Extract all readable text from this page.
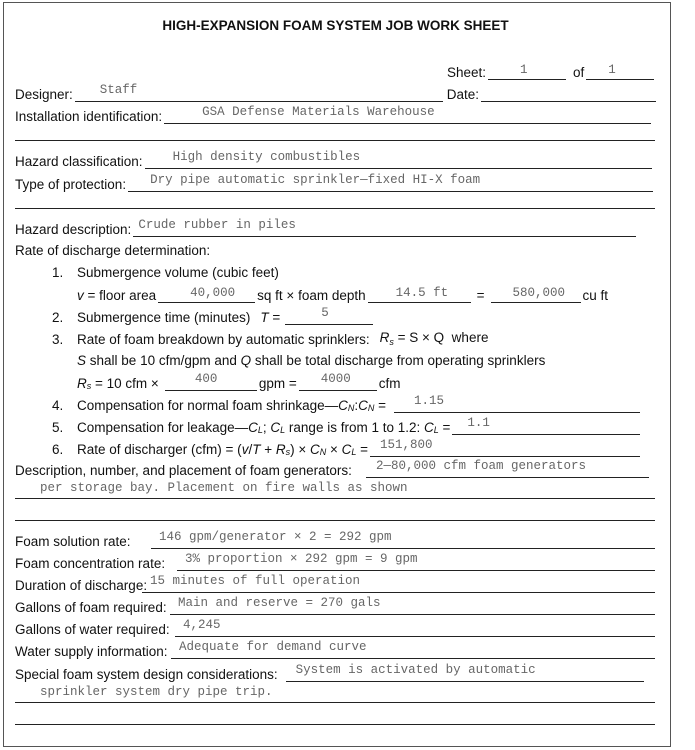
HIGH-EXPANSION FOAM SYSTEM JOB WORK SHEET
Sheet:	1	of 1
Designer: Staff	Date:
Installation identification:	GSA Defense Materials Warehouse
Hazard classification: High density combustibles
Type of protection: Dry pipe automatic sprinkler—fixed HI-X foam
Hazard description: Crude rubber in piles
Rate of discharge determination:
1.	Submergence volume (cubic feet)
v = floor area	40,000 sq ft × foam depth 14.5 ft = 580,000 cu ft
2.	Submergence time (minutes) T =	5
3.	Rate of foam breakdown by automatic sprinklers: $R_s = S \times Q$  where
S
shall be 10 cfm/gpm and
Q
shall be total discharge from operating sprinklers
R s
= 10 cfm ×	400	gpm = 4000 cfm
4.	Compensation for normal foam shrinkage— C N : C N = 1.15
5.	Compensation for leakage— C L ; C L
range is from 1 to 1.2:
C L = 1.1
6.	Rate of discharger (cfm) = ( v / T + R s ) × C N × C L = 151,800
Description, number, and placement of foam generators: 2—80,000 cfm foam generators
per storage bay. Placement on fire walls as shown
Foam solution rate:	146 gpm/generator × 2 = 292 gpm
Foam concentration rate:	3% proportion × 292 gpm = 9 gpm
Duration of discharge: 15 minutes of full operation
Gallons of foam required: Main and reserve = 270 gals
Gallons of water required:	4,245
Water supply information: Adequate for demand curve
Special foam system design considerations: System is activated by automatic
sprinkler system dry pipe trip.
